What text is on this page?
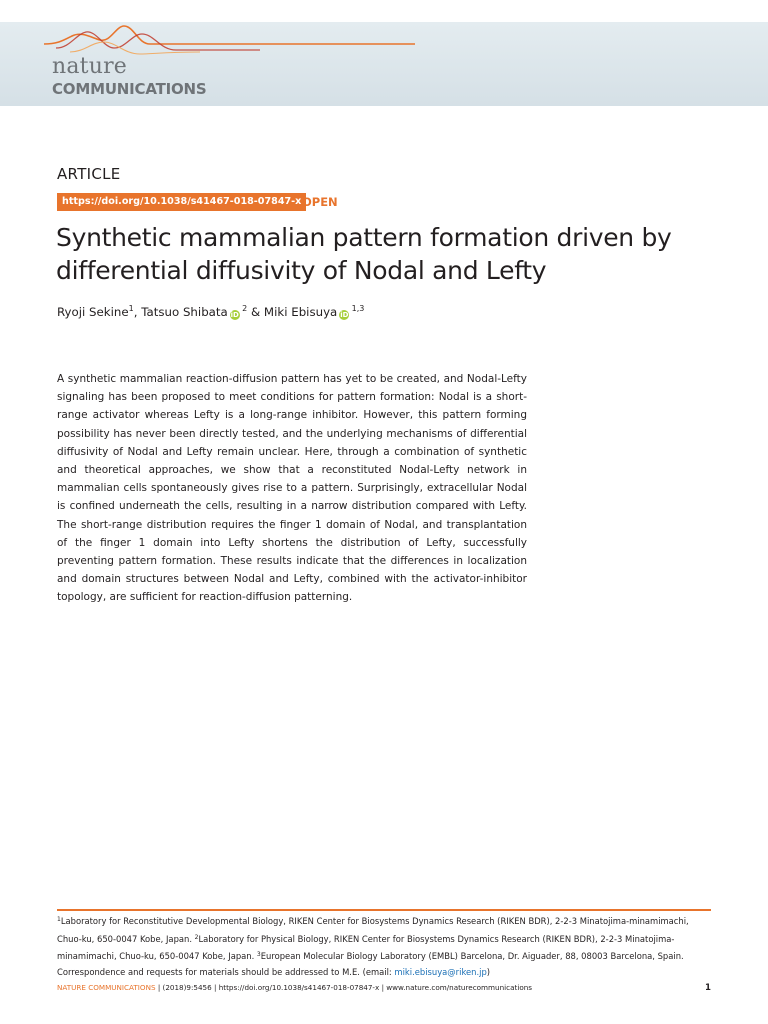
nature
COMMUNICATIONS
ARTICLE
https://doi.org/10.1038/s41467-018-07847-x OPEN
Synthetic mammalian pattern formation driven by differential diffusivity of Nodal and Lefty
Ryoji Sekine$^1$, Tatsuo Shibata iD $^2$ & Miki Ebisuya iD $^{1,3}$

A synthetic mammalian reaction-diffusion pattern has yet to be created, and Nodal-Lefty signaling has been proposed to meet conditions for pattern formation: Nodal is a short-range activator whereas Lefty is a long-range inhibitor. However, this pattern forming possibility has never been directly tested, and the underlying mechanisms of differential diffusivity of Nodal and Lefty remain unclear. Here, through a combination of synthetic and theoretical approaches, we show that a reconstituted Nodal-Lefty network in mammalian cells spontaneously gives rise to a pattern. Surprisingly, extracellular Nodal is confined underneath the cells, resulting in a narrow distribution compared with Lefty. The short-range distribution requires the finger 1 domain of Nodal, and transplantation of the finger 1 domain into Lefty shortens the distribution of Lefty, successfully preventing pattern formation. These results indicate that the differences in localization and domain structures between Nodal and Lefty, combined with the activator-inhibitor topology, are sufficient for reaction-diffusion patterning.

$^1$Laboratory for Reconstitutive Developmental Biology, RIKEN Center for Biosystems Dynamics Research (RIKEN BDR), 2-2-3 Minatojima-minamimachi, Chuo-ku, 650-0047 Kobe, Japan. $^2$Laboratory for Physical Biology, RIKEN Center for Biosystems Dynamics Research (RIKEN BDR), 2-2-3 Minatojima-minamimachi, Chuo-ku, 650-0047 Kobe, Japan. $^3$European Molecular Biology Laboratory (EMBL) Barcelona, Dr. Aiguader, 88, 08003 Barcelona, Spain. Correspondence and requests for materials should be addressed to M.E. (email: miki.ebisuya@riken.jp)

NATURE COMMUNICATIONS | (2018)9:5456 | https://doi.org/10.1038/s41467-018-07847-x | www.nature.com/naturecommunications	1
